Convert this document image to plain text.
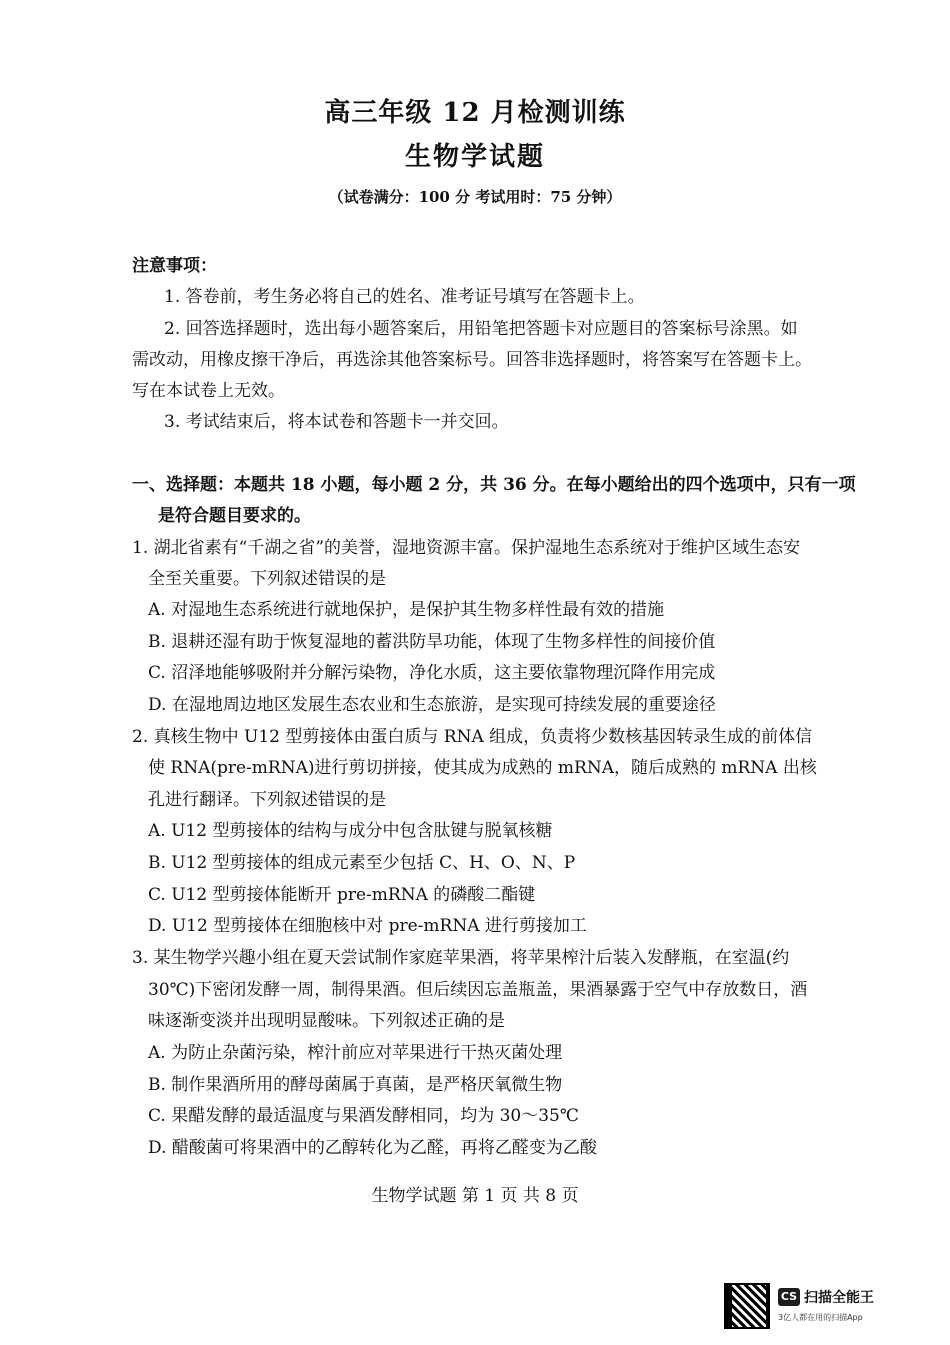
高三年级 12 月检测训练
生物学试题
（试卷满分：100 分 考试用时：75 分钟）
注意事项：
1. 答卷前，考生务必将自己的姓名、准考证号填写在答题卡上。
2. 回答选择题时，选出每小题答案后，用铅笔把答题卡对应题目的答案标号涂黑。如
需改动，用橡皮擦干净后，再选涂其他答案标号。回答非选择题时，将答案写在答题卡上。
写在本试卷上无效。
3. 考试结束后，将本试卷和答题卡一并交回。
一、选择题：本题共 18 小题，每小题 2 分，共 36 分。在每小题给出的四个选项中，只有一项
是符合题目要求的。
1. 湖北省素有“千湖之省”的美誉，湿地资源丰富。保护湿地生态系统对于维护区域生态安
全至关重要。下列叙述错误的是
A. 对湿地生态系统进行就地保护，是保护其生物多样性最有效的措施
B. 退耕还湿有助于恢复湿地的蓄洪防旱功能，体现了生物多样性的间接价值
C. 沼泽地能够吸附并分解污染物，净化水质，这主要依靠物理沉降作用完成
D. 在湿地周边地区发展生态农业和生态旅游，是实现可持续发展的重要途径
2. 真核生物中 U12 型剪接体由蛋白质与 RNA 组成，负责将少数核基因转录生成的前体信
使 RNA(pre-mRNA)进行剪切拼接，使其成为成熟的 mRNA，随后成熟的 mRNA 出核
孔进行翻译。下列叙述错误的是
A. U12 型剪接体的结构与成分中包含肽键与脱氧核糖
B. U12 型剪接体的组成元素至少包括 C、H、O、N、P
C. U12 型剪接体能断开 pre-mRNA 的磷酸二酯键
D. U12 型剪接体在细胞核中对 pre-mRNA 进行剪接加工
3. 某生物学兴趣小组在夏天尝试制作家庭苹果酒，将苹果榨汁后装入发酵瓶，在室温(约
30℃)下密闭发酵一周，制得果酒。但后续因忘盖瓶盖，果酒暴露于空气中存放数日，酒
味逐渐变淡并出现明显酸味。下列叙述正确的是
A. 为防止杂菌污染，榨汁前应对苹果进行干热灭菌处理
B. 制作果酒所用的酵母菌属于真菌，是严格厌氧微生物
C. 果醋发酵的最适温度与果酒发酵相同，均为 30～35℃
D. 醋酸菌可将果酒中的乙醇转化为乙醛，再将乙醛变为乙酸
生物学试题 第 1 页 共 8 页
CS 扫描全能王
3亿人都在用的扫描App
